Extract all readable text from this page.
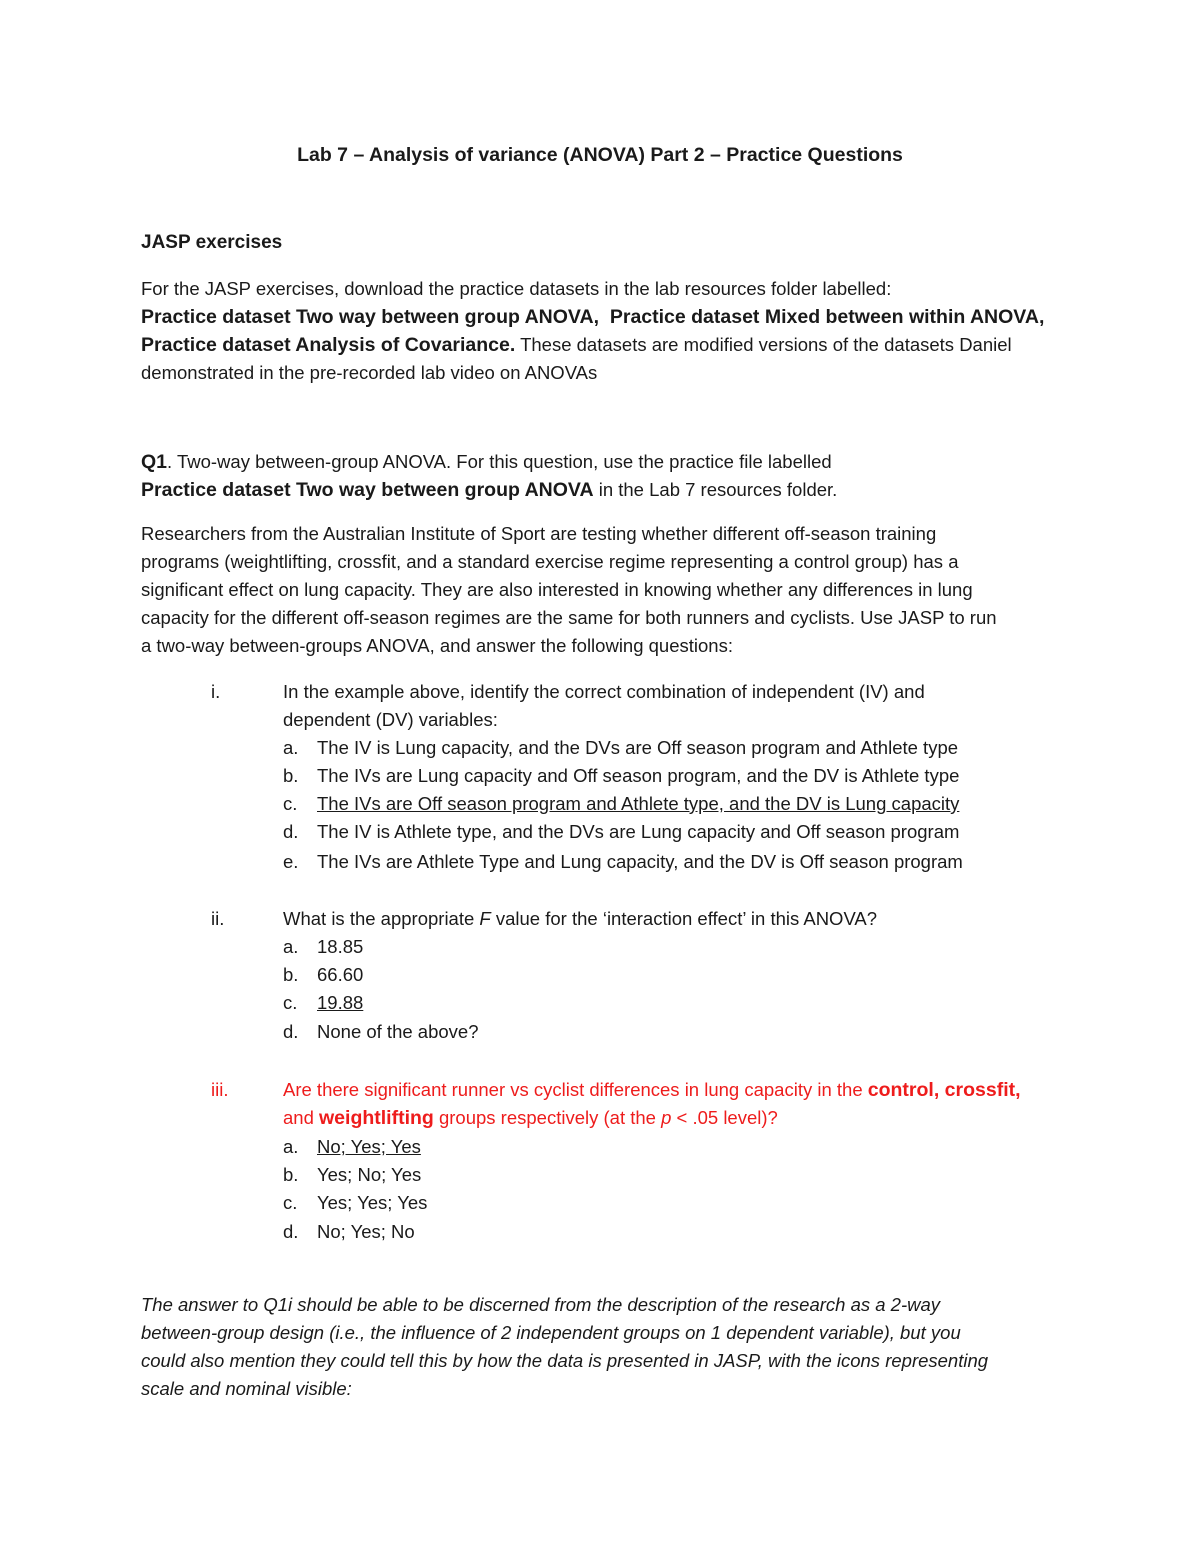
Lab 7 – Analysis of variance (ANOVA) Part 2 – Practice Questions
JASP exercises
For the JASP exercises, download the practice datasets in the lab resources folder labelled:
Practice dataset Two way between group ANOVA, Practice dataset Mixed between within ANOVA,
Practice dataset Analysis of Covariance. These datasets are modified versions of the datasets Daniel
demonstrated in the pre-recorded lab video on ANOVAs
Q1. Two-way between-group ANOVA. For this question, use the practice file labelled
Practice dataset Two way between group ANOVA in the Lab 7 resources folder.
Researchers from the Australian Institute of Sport are testing whether different off-season training
programs (weightlifting, crossfit, and a standard exercise regime representing a control group) has a
significant effect on lung capacity. They are also interested in knowing whether any differences in lung
capacity for the different off-season regimes are the same for both runners and cyclists. Use JASP to run
a two-way between-groups ANOVA, and answer the following questions:
i.	In the example above, identify the correct combination of independent (IV) and
dependent (DV) variables:
a.	The IV is Lung capacity, and the DVs are Off season program and Athlete type
b.	The IVs are Lung capacity and Off season program, and the DV is Athlete type
c.	The IVs are Off season program and Athlete type, and the DV is Lung capacity
d.	The IV is Athlete type, and the DVs are Lung capacity and Off season program
e.	The IVs are Athlete Type and Lung capacity, and the DV is Off season program
ii.	What is the appropriate F value for the ‘interaction effect’ in this ANOVA?
a.	18.85
b.	66.60
c.	19.88
d.	None of the above?
iii.	Are there significant runner vs cyclist differences in lung capacity in the control, crossfit,
and weightlifting groups respectively (at the p < .05 level)?
a.	No; Yes; Yes
b.	Yes; No; Yes
c.	Yes; Yes; Yes
d.	No; Yes; No
The answer to Q1i should be able to be discerned from the description of the research as a 2-way
between-group design (i.e., the influence of 2 independent groups on 1 dependent variable), but you
could also mention they could tell this by how the data is presented in JASP, with the icons representing
scale and nominal visible:
